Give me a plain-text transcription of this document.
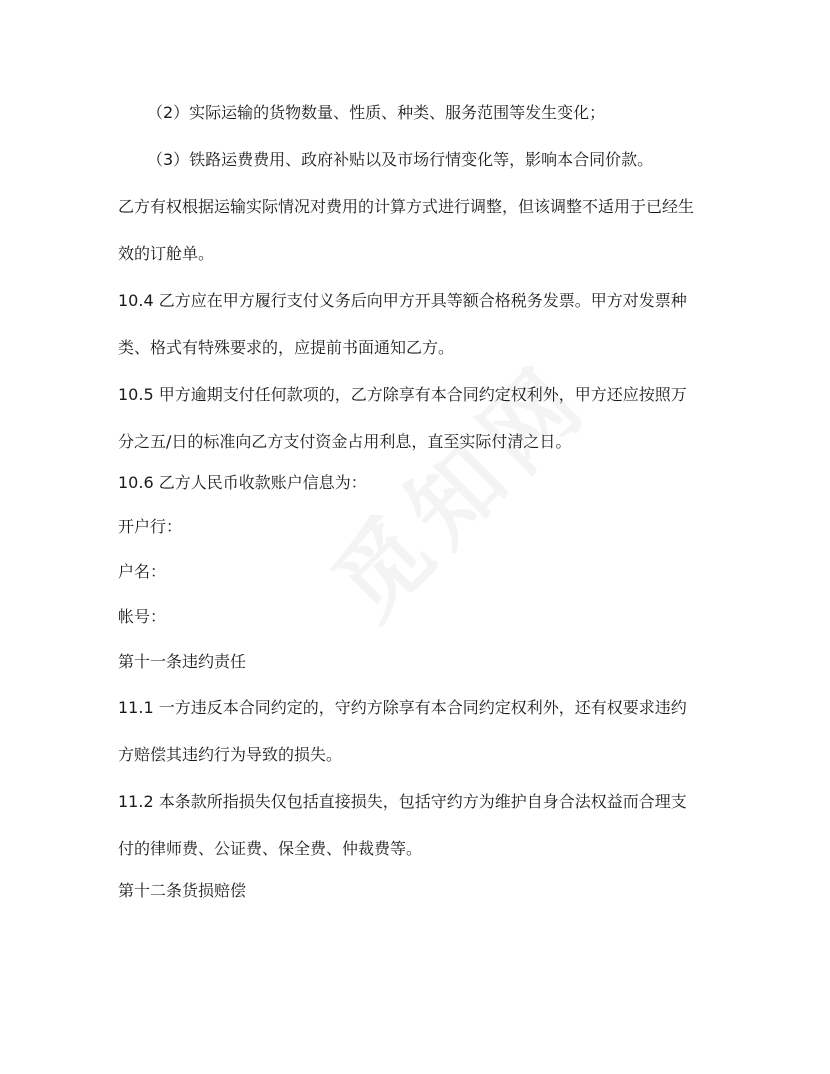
（2）实际运输的货物数量、性质、种类、服务范围等发生变化；
（3）铁路运费费用、政府补贴以及市场行情变化等，影响本合同价款。
乙方有权根据运输实际情况对费用的计算方式进行调整，但该调整不适用于已经生
效的订舱单。
10.4 乙方应在甲方履行支付义务后向甲方开具等额合格税务发票。甲方对发票种
类、格式有特殊要求的，应提前书面通知乙方。
10.5 甲方逾期支付任何款项的，乙方除享有本合同约定权利外，甲方还应按照万
分之五/日的标准向乙方支付资金占用利息，直至实际付清之日。
10.6 乙方人民币收款账户信息为：
开户行：
户名：
帐号：
第十一条违约责任
11.1 一方违反本合同约定的，守约方除享有本合同约定权利外，还有权要求违约
方赔偿其违约行为导致的损失。
11.2 本条款所指损失仅包括直接损失，包括守约方为维护自身合法权益而合理支
付的律师费、公证费、保全费、仲裁费等。
第十二条货损赔偿
